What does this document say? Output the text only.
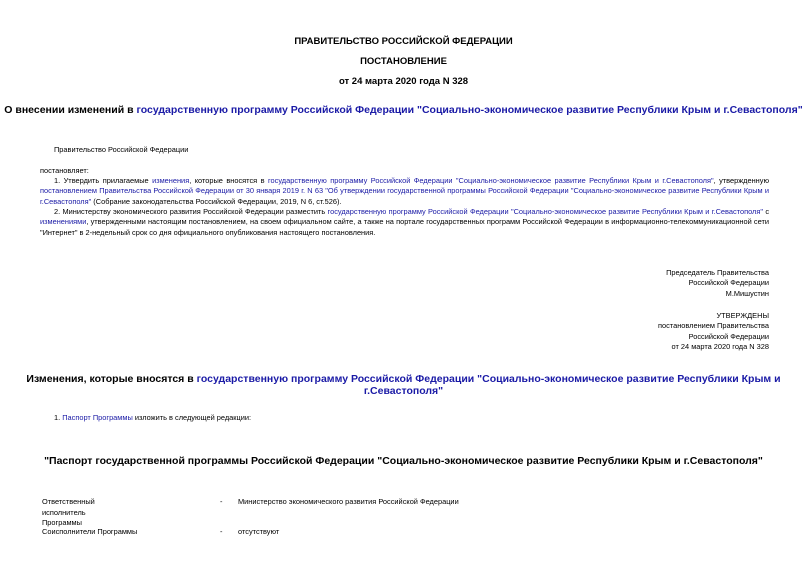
ПРАВИТЕЛЬСТВО РОССИЙСКОЙ ФЕДЕРАЦИИ
ПОСТАНОВЛЕНИЕ
от 24 марта 2020 года N 328
О внесении изменений в государственную программу Российской Федерации "Социально-экономическое развитие Республики Крым и г.Севастополя"
Правительство Российской Федерации
постановляет:
1. Утвердить прилагаемые изменения, которые вносятся в государственную программу Российской Федерации "Социально-экономическое развитие Республики Крым и г.Севастополя", утвержденную постановлением Правительства Российской Федерации от 30 января 2019 г. N 63 "Об утверждении государственной программы Российской Федерации "Социально-экономическое развитие Республики Крым и г.Севастополя" (Собрание законодательства Российской Федерации, 2019, N 6, ст.526).
2. Министерству экономического развития Российской Федерации разместить государственную программу Российской Федерации "Социально-экономическое развитие Республики Крым и г.Севастополя" с изменениями, утвержденными настоящим постановлением, на своем официальном сайте, а также на портале государственных программ Российской Федерации в информационно-телекоммуникационной сети "Интернет" в 2-недельный срок со дня официального опубликования настоящего постановления.
Председатель Правительства
Российской Федерации
М.Мишустин
УТВЕРЖДЕНЫ
постановлением Правительства
Российской Федерации
от 24 марта 2020 года N 328
Изменения, которые вносятся в государственную программу Российской Федерации "Социально-экономическое развитие Республики Крым и г.Севастополя"
1. Паспорт Программы изложить в следующей редакции:
"Паспорт государственной программы Российской Федерации "Социально-экономическое развитие Республики Крым и г.Севастополя"
Ответственный
исполнитель
Программы
- Министерство экономического развития Российской Федерации
Соисполнители Программы	- отсутствуют
